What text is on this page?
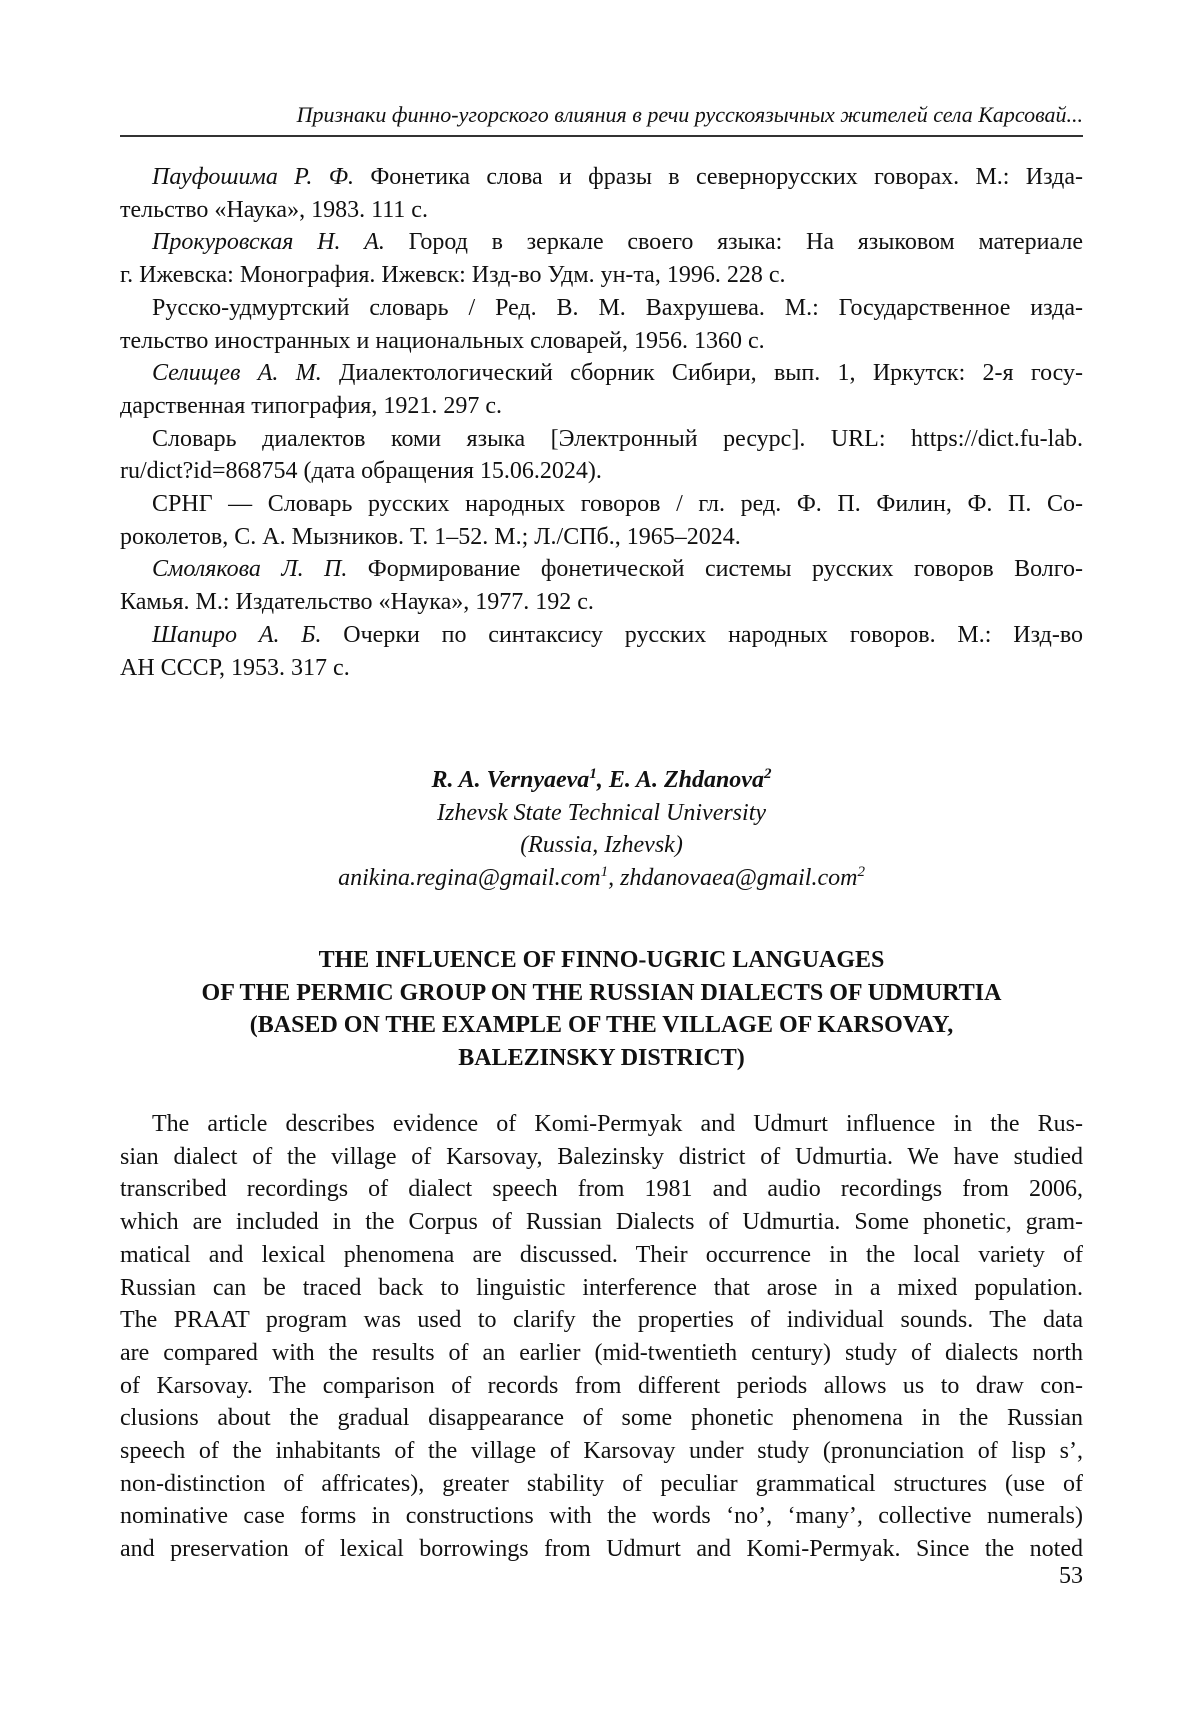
Признаки финно-угорского влияния в речи русскоязычных жителей села Карсовай...
Пауфошима Р. Ф. Фонетика слова и фразы в севернорусских говорах. М.: Изда-
тельство «Наука», 1983. 111 с.
Прокуровская Н. А. Город в зеркале своего языка: На языковом материале
г. Ижевска: Монография. Ижевск: Изд-во Удм. ун-та, 1996. 228 с.
Русско-удмуртский словарь / Ред. В. М. Вахрушева. М.: Государственное изда-
тельство иностранных и национальных словарей, 1956. 1360 с.
Селищев А. М. Диалектологический сборник Сибири, вып. 1, Иркутск: 2-я госу-
дарственная типография, 1921. 297 с.
Словарь диалектов коми языка [Электронный ресурс]. URL: https://dict.fu-lab.
ru/dict?id=868754 (дата обращения 15.06.2024).
СРНГ — Словарь русских народных говоров / гл. ред. Ф. П. Филин, Ф. П. Со-
роколетов, С. А. Мызников. Т. 1–52. М.; Л./СПб., 1965–2024.
Смолякова Л. П. Формирование фонетической системы русских говоров Волго-
Камья. М.: Издательство «Наука», 1977. 192 с.
Шапиро А. Б. Очерки по синтаксису русских народных говоров. М.: Изд-во
АН СССР, 1953. 317 с.
R. A. Vernyaeva$^1$, E. A. Zhdanova$^2$
Izhevsk State Technical University
(Russia, Izhevsk)
anikina.regina@gmail.com$^1$, zhdanovaea@gmail.com$^2$
THE INFLUENCE OF FINNO-UGRIC LANGUAGES
OF THE PERMIC GROUP ON THE RUSSIAN DIALECTS OF UDMURTIA
(BASED ON THE EXAMPLE OF THE VILLAGE OF KARSOVAY,
BALEZINSKY DISTRICT)
The article describes evidence of Komi-Permyak and Udmurt influence in the Rus-
sian dialect of the village of Karsovay, Balezinsky district of Udmurtia. We have studied
transcribed recordings of dialect speech from 1981 and audio recordings from 2006,
which are included in the Corpus of Russian Dialects of Udmurtia. Some phonetic, gram-
matical and lexical phenomena are discussed. Their occurrence in the local variety of
Russian can be traced back to linguistic interference that arose in a mixed population.
The PRAAT program was used to clarify the properties of individual sounds. The data
are compared with the results of an earlier (mid-twentieth century) study of dialects north
of Karsovay. The comparison of records from different periods allows us to draw con-
clusions about the gradual disappearance of some phonetic phenomena in the Russian
speech of the inhabitants of the village of Karsovay under study (pronunciation of lisp s’,
non-distinction of affricates), greater stability of peculiar grammatical structures (use of
nominative case forms in constructions with the words ‘no’, ‘many’, collective numerals)
and preservation of lexical borrowings from Udmurt and Komi-Permyak. Since the noted
53
